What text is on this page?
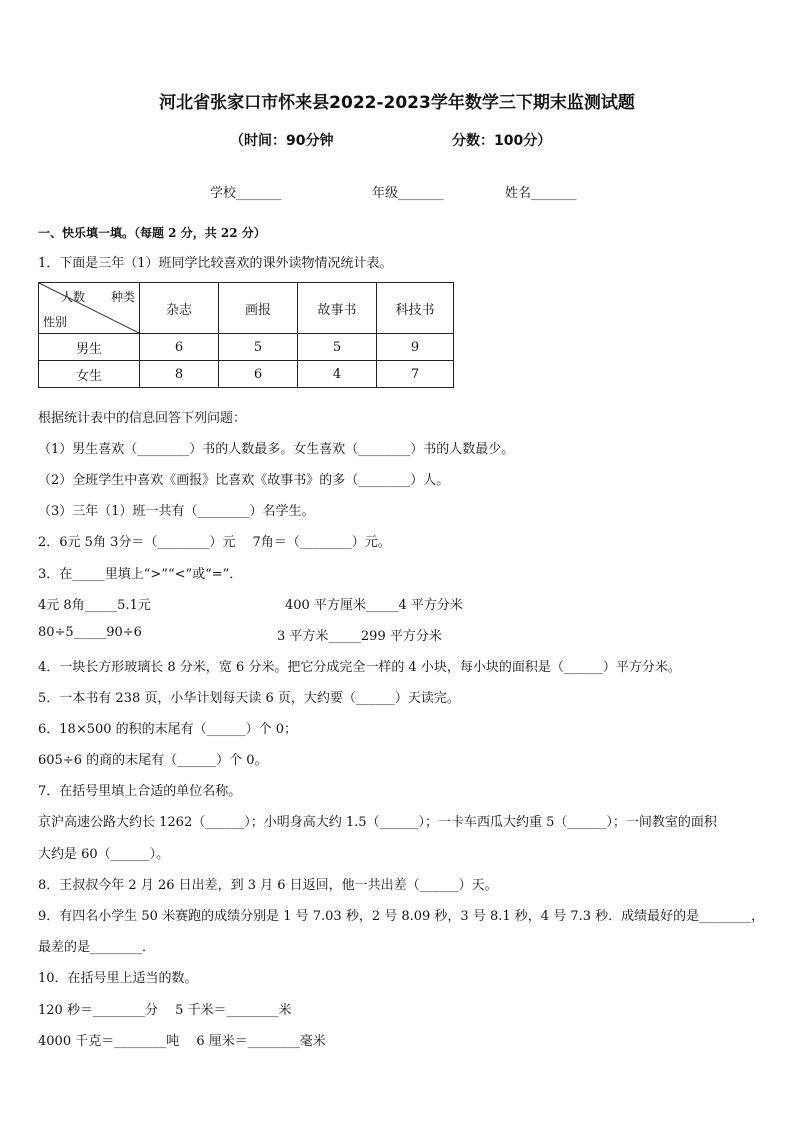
河北省张家口市怀来县2022-2023学年数学三下期末监测试题
（时间：90分钟	分数：100分）
学校_______	年级_______	姓名_______
一、快乐填一填。（每题 2 分，共 22 分）
1．下面是三年（1）班同学比较喜欢的课外读物情况统计表。
人数 种类
性别	杂志	画报	故事书	科技书
男生	6	5	5	9
女生	8	6	4	7
根据统计表中的信息回答下列问题：
（1）男生喜欢（________）书的人数最多。女生喜欢（________）书的人数最少。
（2）全班学生中喜欢《画报》比喜欢《故事书》的多（________）人。
（3）三年（1）班一共有（________）名学生。
2．6元 5角 3分＝（________）元　 7角＝（________）元。
3．在_____里填上“>”“<”或“=”．
4元 8角_____5.1元	400 平方厘米_____4 平方分米
80÷5_____90÷6	3 平方米_____299 平方分米
4．一块长方形玻璃长 8 分米，宽 6 分米。把它分成完全一样的 4 小块，每小块的面积是（______）平方分米。
5．一本书有 238 页，小华计划每天读 6 页，大约要（______）天读完。
6．18×500 的积的末尾有（______）个 0；
605÷6 的商的末尾有（______）个 0。
7．在括号里填上合适的单位名称。
京沪高速公路大约长 1262（______）；小明身高大约 1.5（______）；一卡车西瓜大约重 5（______）；一间教室的面积
大约是 60（______）。
8．王叔叔今年 2 月 26 日出差，到 3 月 6 日返回，他一共出差（______）天。
9．有四名小学生 50 米赛跑的成绩分别是 1 号 7.03 秒，2 号 8.09 秒，3 号 8.1 秒，4 号 7.3 秒．成绩最好的是________，
最差的是________．
10．在括号里上适当的数。
120 秒＝________分　 5 千米＝________米
4000 千克＝________吨　 6 厘米＝________毫米
